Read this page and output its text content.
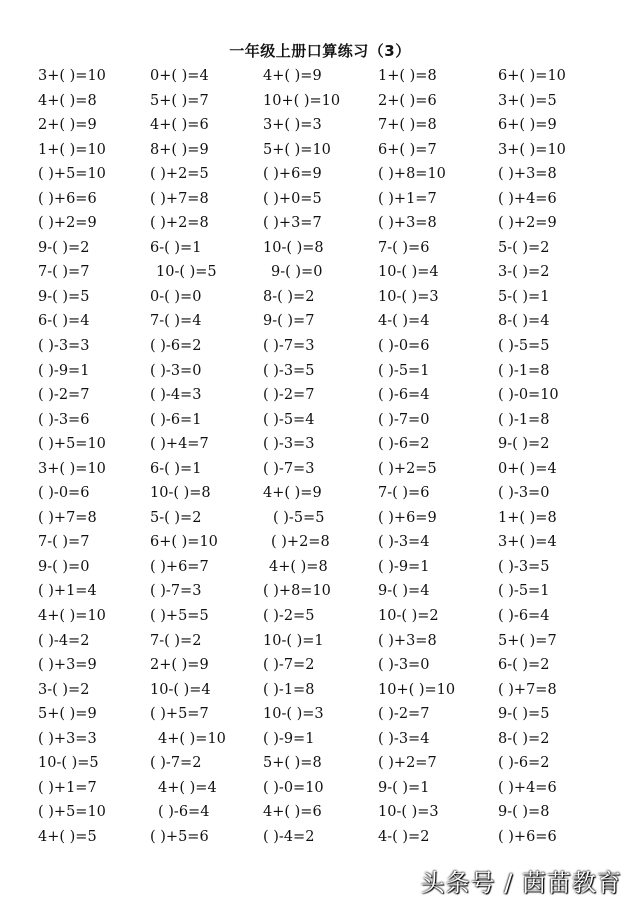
一年级上册口算练习（3）
3+( )=10	0+( )=4	4+( )=9	1+( )=8	6+( )=10
4+( )=8	5+( )=7	10+( )=10	2+( )=6	3+( )=5
2+( )=9	4+( )=6	3+( )=3	7+( )=8	6+( )=9
1+( )=10	8+( )=9	5+( )=10	6+( )=7	3+( )=10
( )+5=10	( )+2=5	( )+6=9	( )+8=10	( )+3=8
( )+6=6	( )+7=8	( )+0=5	( )+1=7	( )+4=6
( )+2=9	( )+2=8	( )+3=7	( )+3=8	( )+2=9
9-( )=2	6-( )=1	10-( )=8	7-( )=6	5-( )=2
7-( )=7	10-( )=5	9-( )=0	10-( )=4	3-( )=2
9-( )=5	0-( )=0	8-( )=2	10-( )=3	5-( )=1
6-( )=4	7-( )=4	9-( )=7	4-( )=4	8-( )=4
( )-3=3	( )-6=2	( )-7=3	( )-0=6	( )-5=5
( )-9=1	( )-3=0	( )-3=5	( )-5=1	( )-1=8
( )-2=7	( )-4=3	( )-2=7	( )-6=4	( )-0=10
( )-3=6	( )-6=1	( )-5=4	( )-7=0	( )-1=8
( )+5=10	( )+4=7	( )-3=3	( )-6=2	9-( )=2
3+( )=10	6-( )=1	( )-7=3	( )+2=5	0+( )=4
( )-0=6	10-( )=8	4+( )=9	7-( )=6	( )-3=0
( )+7=8	5-( )=2	( )-5=5	( )+6=9	1+( )=8
7-( )=7	6+( )=10	( )+2=8	( )-3=4	3+( )=4
9-( )=0	( )+6=7	4+( )=8	( )-9=1	( )-3=5
( )+1=4	( )-7=3	( )+8=10	9-( )=4	( )-5=1
4+( )=10	( )+5=5	( )-2=5	10-( )=2	( )-6=4
( )-4=2	7-( )=2	10-( )=1	( )+3=8	5+( )=7
( )+3=9	2+( )=9	( )-7=2	( )-3=0	6-( )=2
3-( )=2	10-( )=4	( )-1=8	10+( )=10	( )+7=8
5+( )=9	( )+5=7	10-( )=3	( )-2=7	9-( )=5
( )+3=3	4+( )=10	( )-9=1	( )-3=4	8-( )=2
10-( )=5	( )-7=2	5+( )=8	( )+2=7	( )-6=2
( )+1=7	4+( )=4	( )-0=10	9-( )=1	( )+4=6
( )+5=10	( )-6=4	4+( )=6	10-( )=3	9-( )=8
4+( )=5	( )+5=6	( )-4=2	4-( )=2	( )+6=6
头条号 / 茵苗教育
